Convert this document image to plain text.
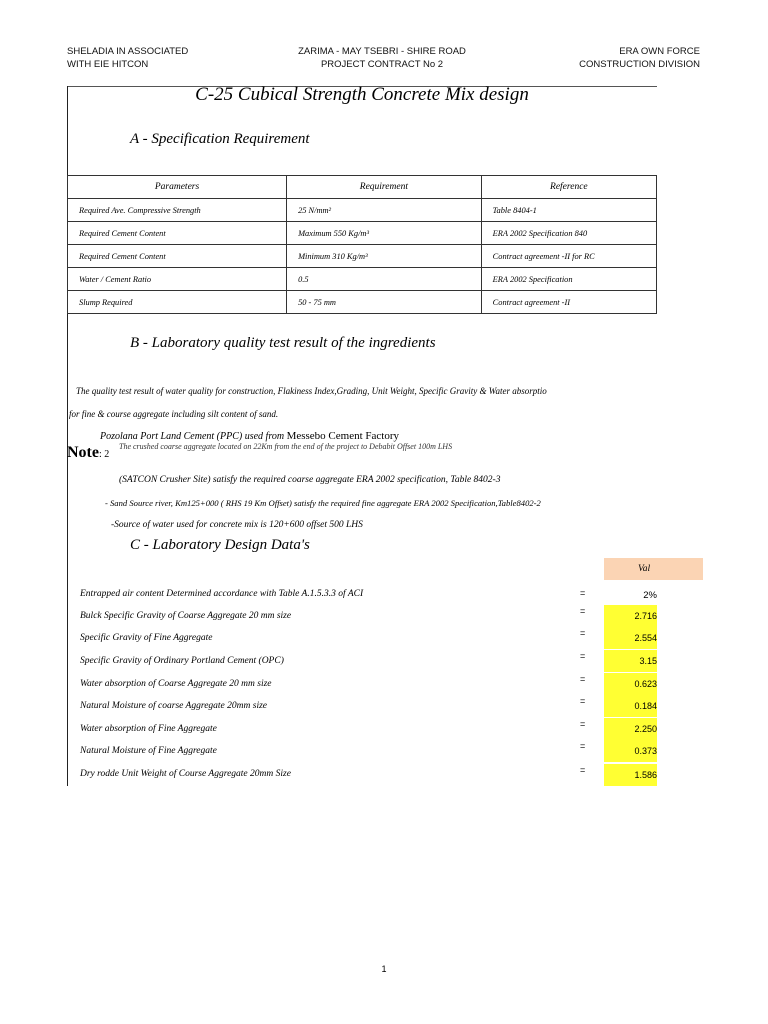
SHELADIA IN ASSOCIATED
WITH EIE HITCON
ZARIMA - MAY TSEBRI - SHIRE ROAD
PROJECT CONTRACT No 2
ERA OWN FORCE
CONSTRUCTION DIVISION
C-25 Cubical Strength Concrete Mix design
A - Specification Requirement
Parameters	Requirement	Reference
Required Ave. Compressive Strength	25 N/mm²	Table 8404-1
Required Cement Content	Maximum 550 Kg/m³	ERA 2002 Specification 840
Required Cement Content	Minimum 310 Kg/m³	Contract agreement -II for RC
Water / Cement Ratio	0.5	ERA 2002 Specification
Slump Required	50 - 75 mm	Contract agreement -II
B - Laboratory quality test result of the ingredients
The quality test result of water quality for construction, Flakiness Index,Grading, Unit Weight, Specific Gravity & Water absorptio
for fine & course aggregate including silt content of sand.
The crushed coarse aggregate located on 22Km from the end of the project to Debabit Offset 100m LHS
Pozolana Port Land Cement (PPC) used from Messebo Cement Factory
Note: 2
(SATCON Crusher Site) satisfy the required coarse aggregate ERA 2002 specification, Table 8402-3
- Sand Source river, Km125+000 ( RHS 19 Km Offset) satisfy the required fine aggregate ERA 2002 Specification,Table8402-2
-Source of water used for concrete mix is 120+600 offset 500 LHS
C - Laboratory Design Data's
Val
Entrapped air content Determined accordance with Table A.1.5.3.3 of ACI	=	2%
Bulck Specific Gravity of Coarse Aggregate 20 mm size	=	2.716
Specific Gravity of Fine Aggregate	=	2.554
Specific Gravity of Ordinary Portland Cement (OPC)	=	3.15
Water absorption of Coarse Aggregate 20 mm size	=	0.623
Natural Moisture of coarse Aggregate 20mm size	=	0.184
Water absorption of Fine Aggregate	=	2.250
Natural Moisture of Fine Aggregate	=	0.373
Dry rodde Unit Weight of Course Aggregate 20mm Size	=	1.586
1
